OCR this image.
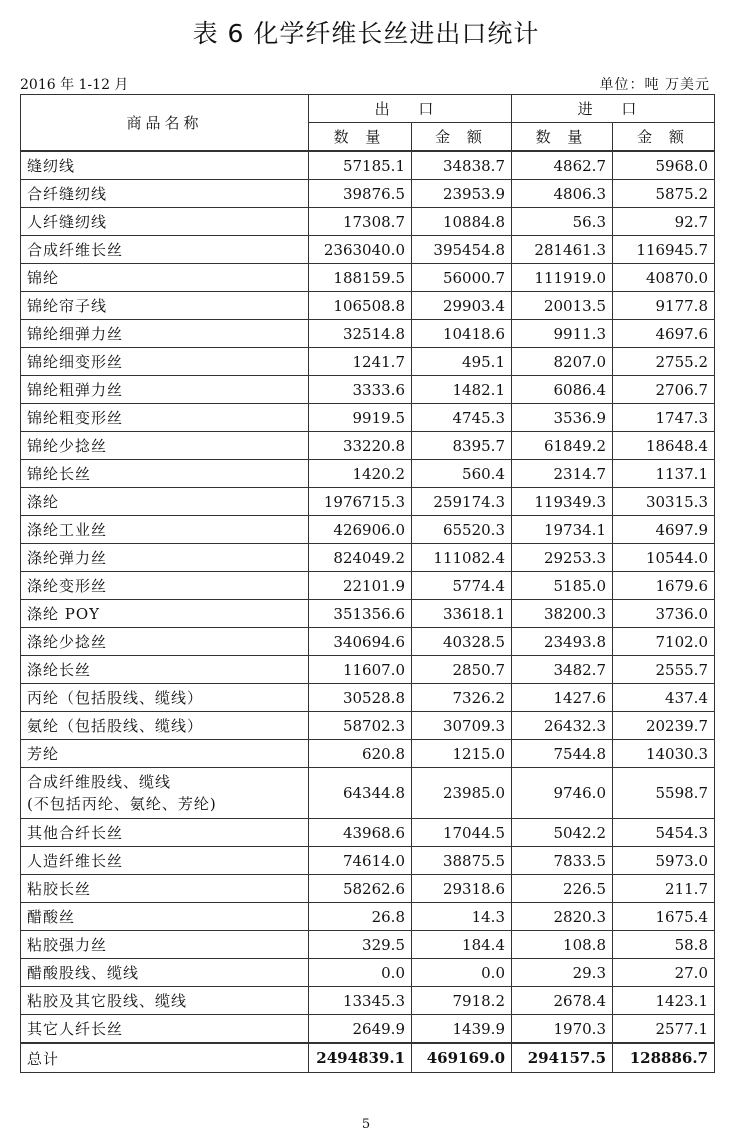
表 6 化学纤维长丝进出口统计
2016 年 1-12 月	单位：吨 万美元
商品名称	出 口		进 口	
	数 量	金 额	数 量	金 额
缝纫线	57185.1	34838.7	4862.7	5968.0
合纤缝纫线	39876.5	23953.9	4806.3	5875.2
人纤缝纫线	17308.7	10884.8	56.3	92.7
合成纤维长丝	2363040.0	395454.8	281461.3	116945.7
锦纶	188159.5	56000.7	111919.0	40870.0
锦纶帘子线	106508.8	29903.4	20013.5	9177.8
锦纶细弹力丝	32514.8	10418.6	9911.3	4697.6
锦纶细变形丝	1241.7	495.1	8207.0	2755.2
锦纶粗弹力丝	3333.6	1482.1	6086.4	2706.7
锦纶粗变形丝	9919.5	4745.3	3536.9	1747.3
锦纶少捻丝	33220.8	8395.7	61849.2	18648.4
锦纶长丝	1420.2	560.4	2314.7	1137.1
涤纶	1976715.3	259174.3	119349.3	30315.3
涤纶工业丝	426906.0	65520.3	19734.1	4697.9
涤纶弹力丝	824049.2	111082.4	29253.3	10544.0
涤纶变形丝	22101.9	5774.4	5185.0	1679.6
涤纶 POY	351356.6	33618.1	38200.3	3736.0
涤纶少捻丝	340694.6	40328.5	23493.8	7102.0
涤纶长丝	11607.0	2850.7	3482.7	2555.7
丙纶（包括股线、缆线）	30528.8	7326.2	1427.6	437.4
氨纶（包括股线、缆线）	58702.3	30709.3	26432.3	20239.7
芳纶	620.8	1215.0	7544.8	14030.3

合成纤维股线、缆线
(不包括丙纶、氨纶、芳纶)	64344.8	23985.0	9746.0	5598.7
其他合纤长丝	43968.6	17044.5	5042.2	5454.3
人造纤维长丝	74614.0	38875.5	7833.5	5973.0
粘胶长丝	58262.6	29318.6	226.5	211.7
醋酸丝	26.8	14.3	2820.3	1675.4
粘胶强力丝	329.5	184.4	108.8	58.8
醋酸股线、缆线	0.0	0.0	29.3	27.0
粘胶及其它股线、缆线	13345.3	7918.2	2678.4	1423.1
其它人纤长丝	2649.9	1439.9	1970.3	2577.1
总计	2494839.1	469169.0	294157.5	128886.7
5
